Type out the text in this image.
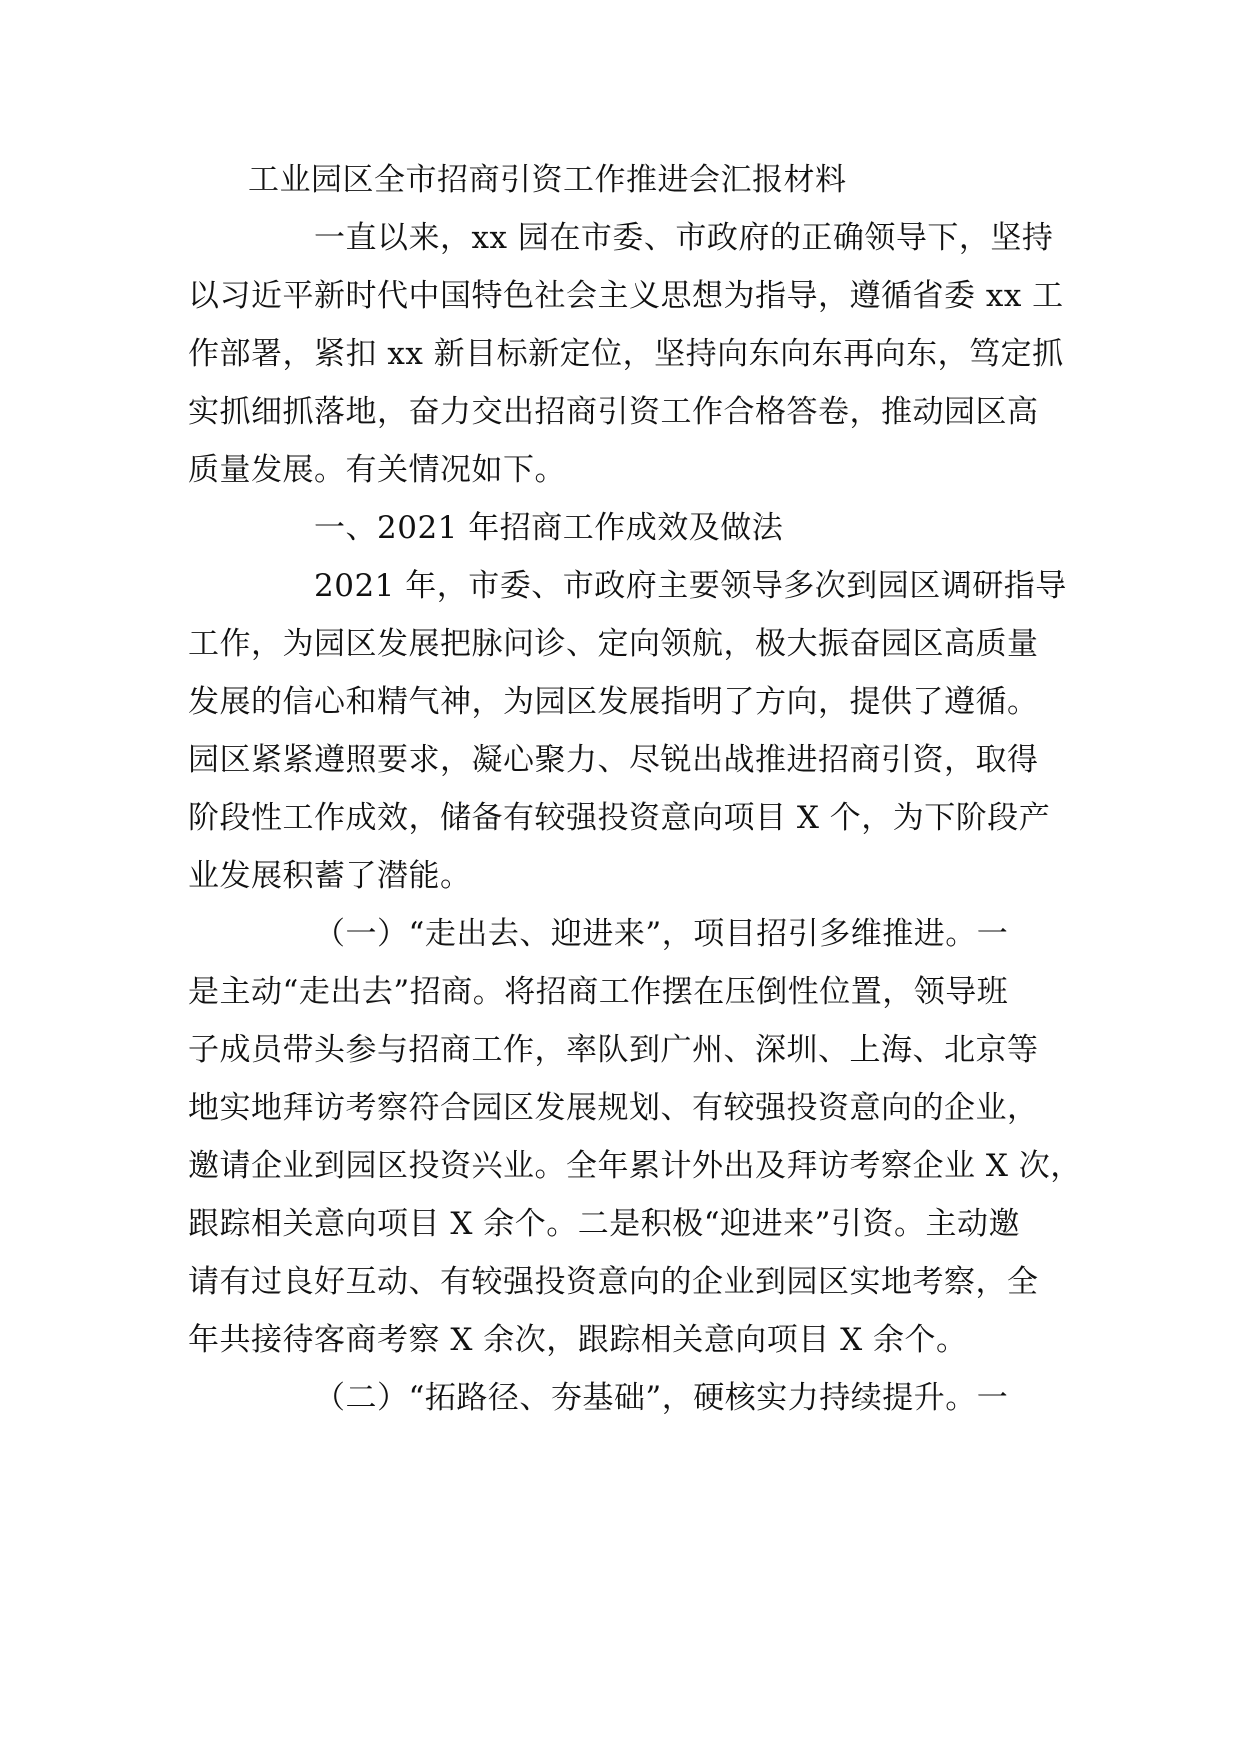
工业园区全市招商引资工作推进会汇报材料
一直以来，xx 园在市委、市政府的正确领导下，坚持
以习近平新时代中国特色社会主义思想为指导，遵循省委 xx 工
作部署，紧扣 xx 新目标新定位，坚持向东向东再向东，笃定抓
实抓细抓落地，奋力交出招商引资工作合格答卷，推动园区高
质量发展。有关情况如下。
一、2021 年招商工作成效及做法
2021 年，市委、市政府主要领导多次到园区调研指导
工作，为园区发展把脉问诊、定向领航，极大振奋园区高质量
发展的信心和精气神，为园区发展指明了方向，提供了遵循。
园区紧紧遵照要求，凝心聚力、尽锐出战推进招商引资，取得
阶段性工作成效，储备有较强投资意向项目 X 个，为下阶段产
业发展积蓄了潜能。
（一）“走出去、迎进来”，项目招引多维推进。一
是主动“走出去”招商。将招商工作摆在压倒性位置，领导班
子成员带头参与招商工作，率队到广州、深圳、上海、北京等
地实地拜访考察符合园区发展规划、有较强投资意向的企业，
邀请企业到园区投资兴业。全年累计外出及拜访考察企业 X 次，
跟踪相关意向项目 X 余个。二是积极“迎进来”引资。主动邀
请有过良好互动、有较强投资意向的企业到园区实地考察，全
年共接待客商考察 X 余次，跟踪相关意向项目 X 余个。
（二）“拓路径、夯基础”，硬核实力持续提升。一
